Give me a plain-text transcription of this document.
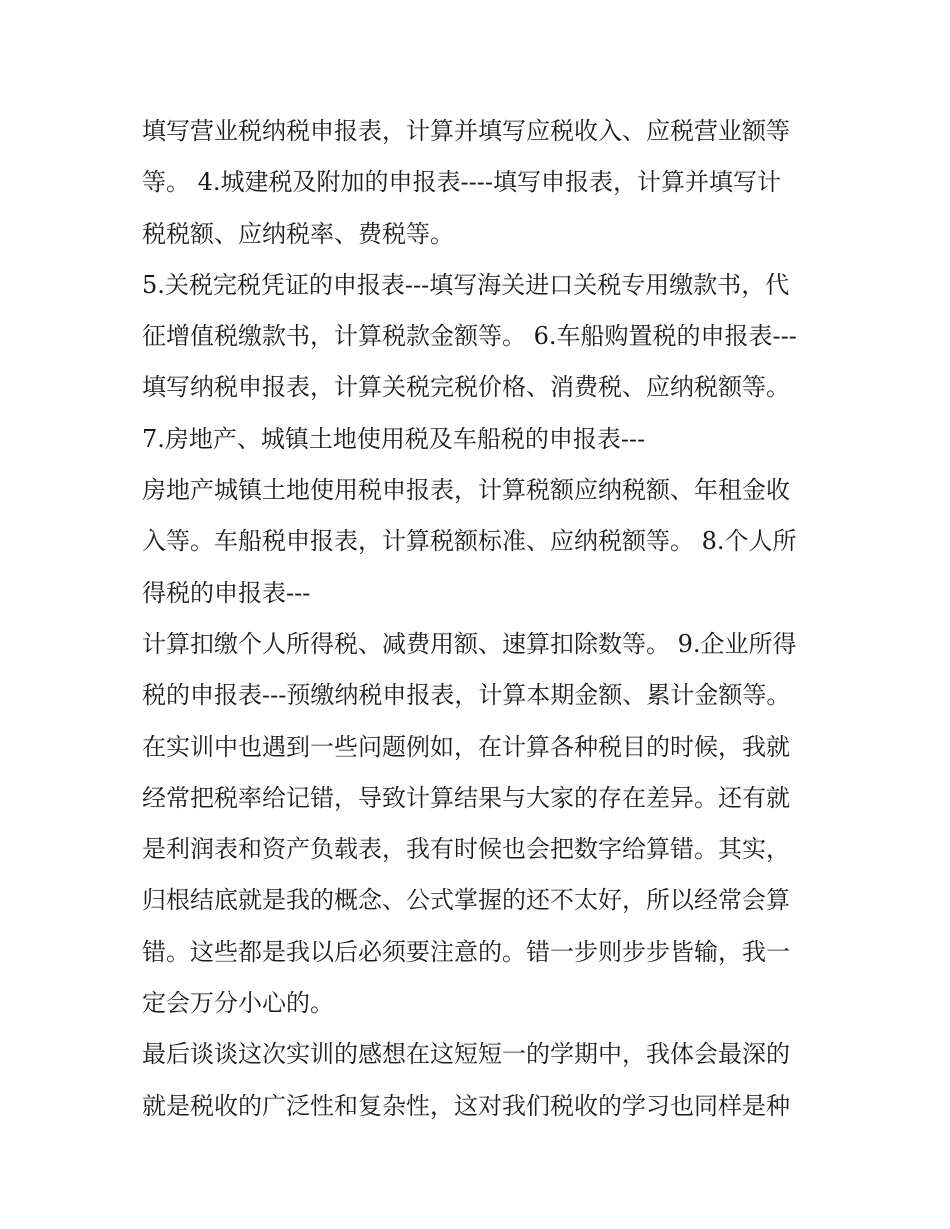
填写营业税纳税申报表，计算并填写应税收入、应税营业额等
等。 4.城建税及附加的申报表----填写申报表，计算并填写计
税税额、应纳税率、费税等。
5.关税完税凭证的申报表---填写海关进口关税专用缴款书，代
征增值税缴款书，计算税款金额等。 6.车船购置税的申报表---
填写纳税申报表，计算关税完税价格、消费税、应纳税额等。
7.房地产、城镇土地使用税及车船税的申报表---
房地产城镇土地使用税申报表，计算税额应纳税额、年租金收
入等。车船税申报表，计算税额标准、应纳税额等。 8.个人所
得税的申报表---
计算扣缴个人所得税、减费用额、速算扣除数等。 9.企业所得
税的申报表---预缴纳税申报表，计算本期金额、累计金额等。
在实训中也遇到一些问题例如，在计算各种税目的时候，我就
经常把税率给记错，导致计算结果与大家的存在差异。还有就
是利润表和资产负载表，我有时候也会把数字给算错。其实，
归根结底就是我的概念、公式掌握的还不太好，所以经常会算
错。这些都是我以后必须要注意的。错一步则步步皆输，我一
定会万分小心的。
最后谈谈这次实训的感想在这短短一的学期中，我体会最深的
就是税收的广泛性和复杂性，这对我们税收的学习也同样是种
